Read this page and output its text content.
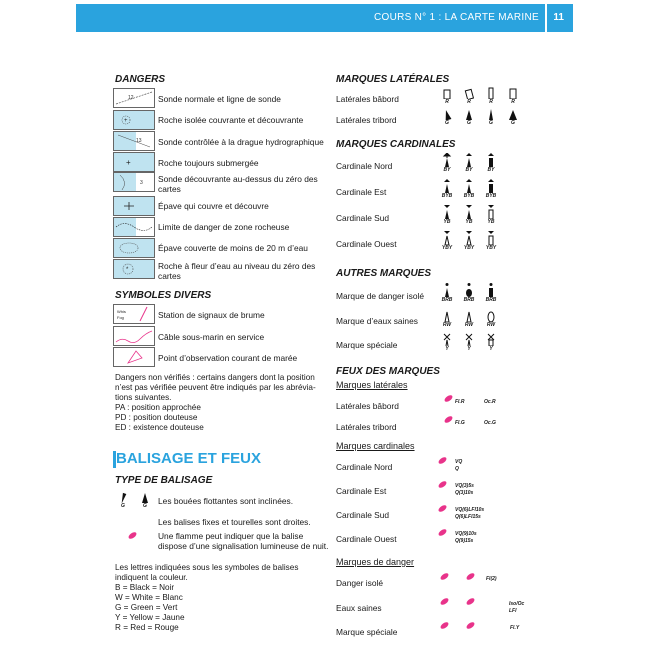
COURS N° 1 : LA CARTE MARINE 11
DANGERS
12	Sonde normale et ligne de sonde
+	Roche isolée couvrante et découvrante
13 Sonde contrôlée à la drague hydrographique
+	Roche toujours submergée
3 Sonde découvrante au-dessus du zéro des cartes
Épave qui couvre et découvre
Limite de danger de zone rocheuse
Épave couverte de moins de 20 m d’eau
*	Roche à fleur d’eau au niveau du zéro des cartes
SYMBOLES DIVERS
Whis
Fog	Station de signaux de brume
Câble sous-marin en service
Point d’observation courant de marée
Dangers non vérifiés : certains dangers dont la position
n’est pas vérifiée peuvent être indiqués par les abrévia-
tions suivantes.
PA : position approchée
PD : position douteuse
ED : existence douteuse
BALISAGE ET FEUX
TYPE DE BALISAGE
G	G	Les bouées flottantes sont inclinées.
Les balises fixes et tourelles sont droites.
Une flamme peut indiquer que la balise
dispose d’une signalisation lumineuse de nuit.
Les lettres indiquées sous les symboles de balises
indiquent la couleur.
B = Black = Noir
W = White = Blanc
G = Green = Vert
Y = Yellow = Jaune
R = Red = Rouge
MARQUES LATÉRALES
Latérales bâbord	R	R	R	R
Latérales tribord	G	G	G	G
MARQUES CARDINALES
Cardinale Nord	BY	BY	BY
Cardinale Est	BYB	BYB	BYB
Cardinale Sud	YB	YB	YB
Cardinale Ouest	YBY	YBY	YBY
AUTRES MARQUES
Marque de danger isolé	BRB	BRB	BRB
Marque d’eaux saines	RW	RW	RW
Marque spéciale	Y	Y	Y
FEUX DES MARQUES
Marques latérales
Latérales bâbord	FI.R	Oc.R
Latérales tribord	FI.G	Oc.G
Marques cardinales
Cardinale Nord	VQ
Q
Cardinale Est	VQ(3)5s
Q(3)10s
Cardinale Sud	VQ(6)LFI10s
Q(6)LFI15s
Cardinale Ouest	VQ(9)10s
Q(9)15s
Marques de danger
Danger isolé	Fl(2)
Eaux saines	Iso/Oc
LFl
Marque spéciale	Fl.Y
